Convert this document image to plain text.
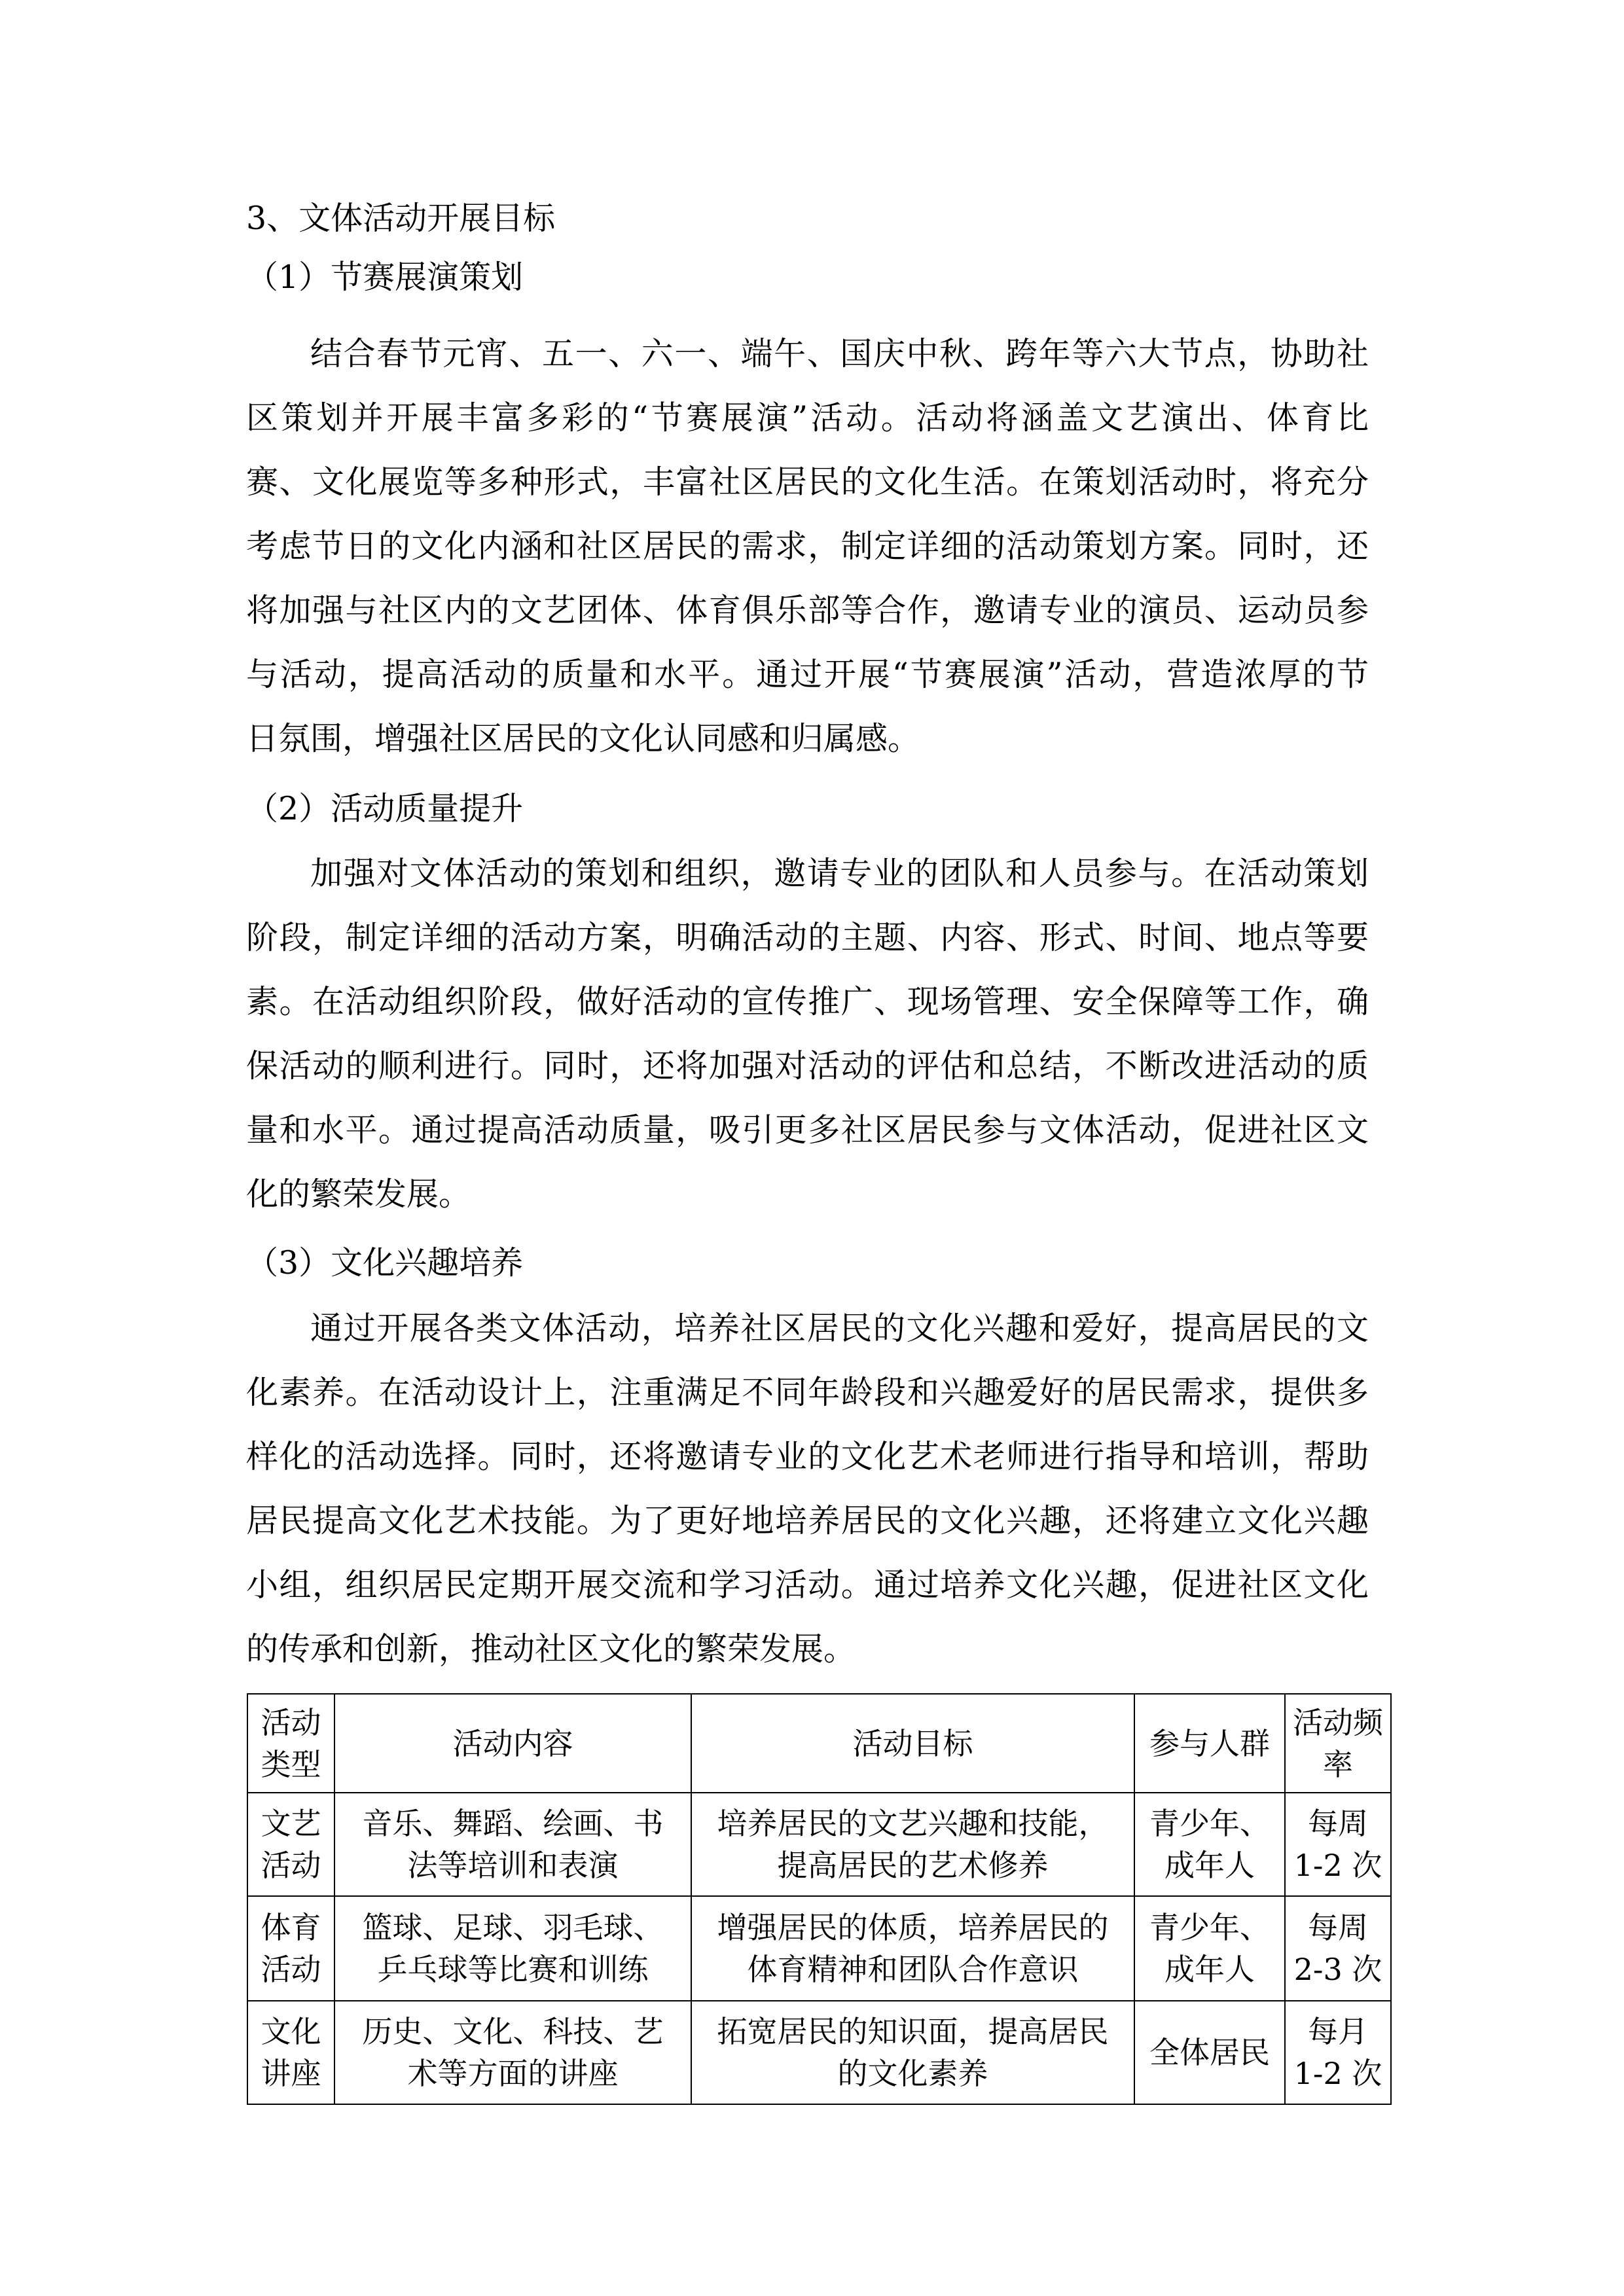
3、文体活动开展目标
（1）节赛展演策划
结合春节元宵、五一、六一、端午、国庆中秋、跨年等六大节点，协助社
区策划并开展丰富多彩的“节赛展演”活动。活动将涵盖文艺演出、体育比
赛、文化展览等多种形式，丰富社区居民的文化生活。在策划活动时，将充分
考虑节日的文化内涵和社区居民的需求，制定详细的活动策划方案。同时，还
将加强与社区内的文艺团体、体育俱乐部等合作，邀请专业的演员、运动员参
与活动，提高活动的质量和水平。通过开展“节赛展演”活动，营造浓厚的节
日氛围，增强社区居民的文化认同感和归属感。
（2）活动质量提升
加强对文体活动的策划和组织，邀请专业的团队和人员参与。在活动策划
阶段，制定详细的活动方案，明确活动的主题、内容、形式、时间、地点等要
素。在活动组织阶段，做好活动的宣传推广、现场管理、安全保障等工作，确
保活动的顺利进行。同时，还将加强对活动的评估和总结，不断改进活动的质
量和水平。通过提高活动质量，吸引更多社区居民参与文体活动，促进社区文
化的繁荣发展。
（3）文化兴趣培养
通过开展各类文体活动，培养社区居民的文化兴趣和爱好，提高居民的文
化素养。在活动设计上，注重满足不同年龄段和兴趣爱好的居民需求，提供多
样化的活动选择。同时，还将邀请专业的文化艺术老师进行指导和培训，帮助
居民提高文化艺术技能。为了更好地培养居民的文化兴趣，还将建立文化兴趣
小组，组织居民定期开展交流和学习活动。通过培养文化兴趣，促进社区文化
的传承和创新，推动社区文化的繁荣发展。
活动
类型	活动内容	活动目标	参与人群	活动频
率

文艺
活动	音乐、舞蹈、绘画、书
法等培训和表演	培养居民的文艺兴趣和技能，
提高居民的艺术修养	青少年、
成年人	每周
1-2 次

体育
活动	篮球、足球、羽毛球、
乒乓球等比赛和训练	增强居民的体质，培养居民的
体育精神和团队合作意识	青少年、
成年人	每周
2-3 次

文化
讲座	历史、文化、科技、艺
术等方面的讲座	拓宽居民的知识面，提高居民
的文化素养	全体居民	每月
1-2 次
